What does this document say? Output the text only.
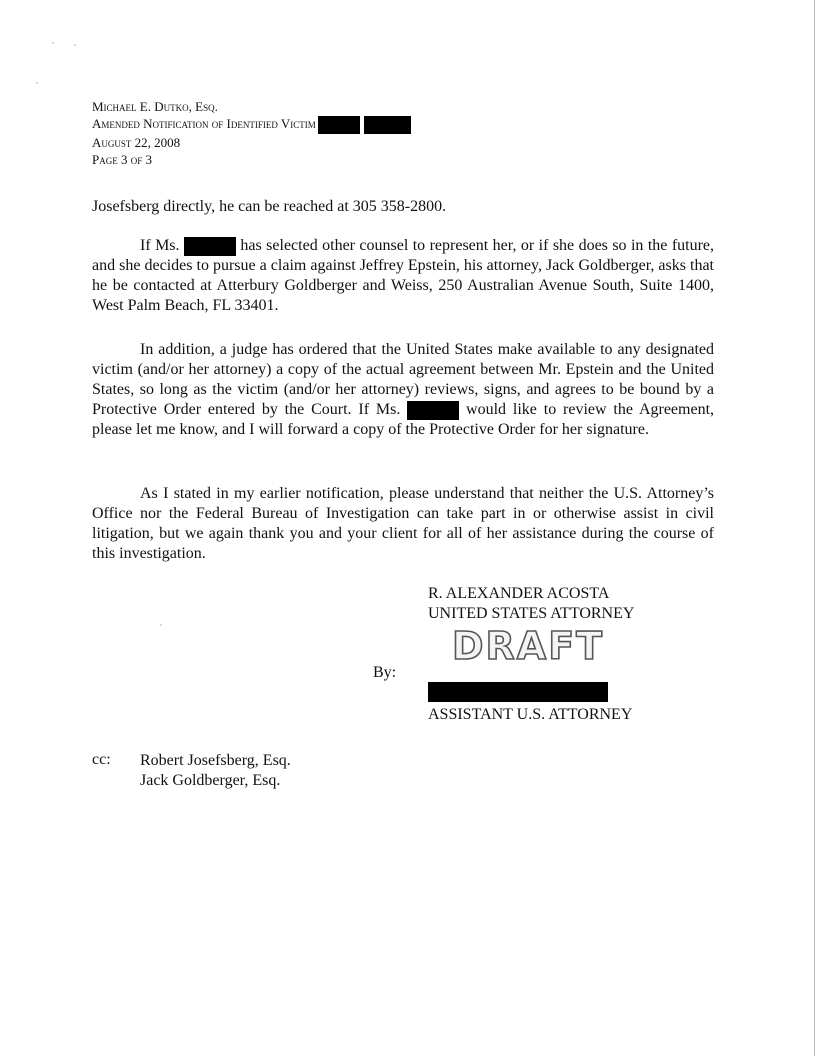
Michael E. Dutko, Esq.
Amended Notification of Identified Victim
August 22, 2008
Page 3 of 3
Josefsberg directly, he can be reached at 305 358-2800.
If Ms.	has selected other counsel to represent her, or if she does so in the future, and she decides to pursue a claim against Jeffrey Epstein, his attorney, Jack Goldberger, asks that he be contacted at Atterbury Goldberger and Weiss, 250 Australian Avenue South, Suite 1400, West Palm Beach, FL 33401.
In addition, a judge has ordered that the United States make available to any designated victim (and/or her attorney) a copy of the actual agreement between Mr. Epstein and the United States, so long as the victim (and/or her attorney) reviews, signs, and agrees to be bound by a Protective Order entered by the Court. If Ms.	would like to review the Agreement, please let me know, and I will forward a copy of the Protective Order for her signature.
As I stated in my earlier notification, please understand that neither the U.S. Attorney’s Office nor the Federal Bureau of Investigation can take part in or otherwise assist in civil litigation, but we again thank you and your client for all of her assistance during the course of this investigation.
R. ALEXANDER ACOSTA
UNITED STATES ATTORNEY
DRAFT
By:
ASSISTANT U.S. ATTORNEY
cc: Robert Josefsberg, Esq.
Jack Goldberger, Esq.
